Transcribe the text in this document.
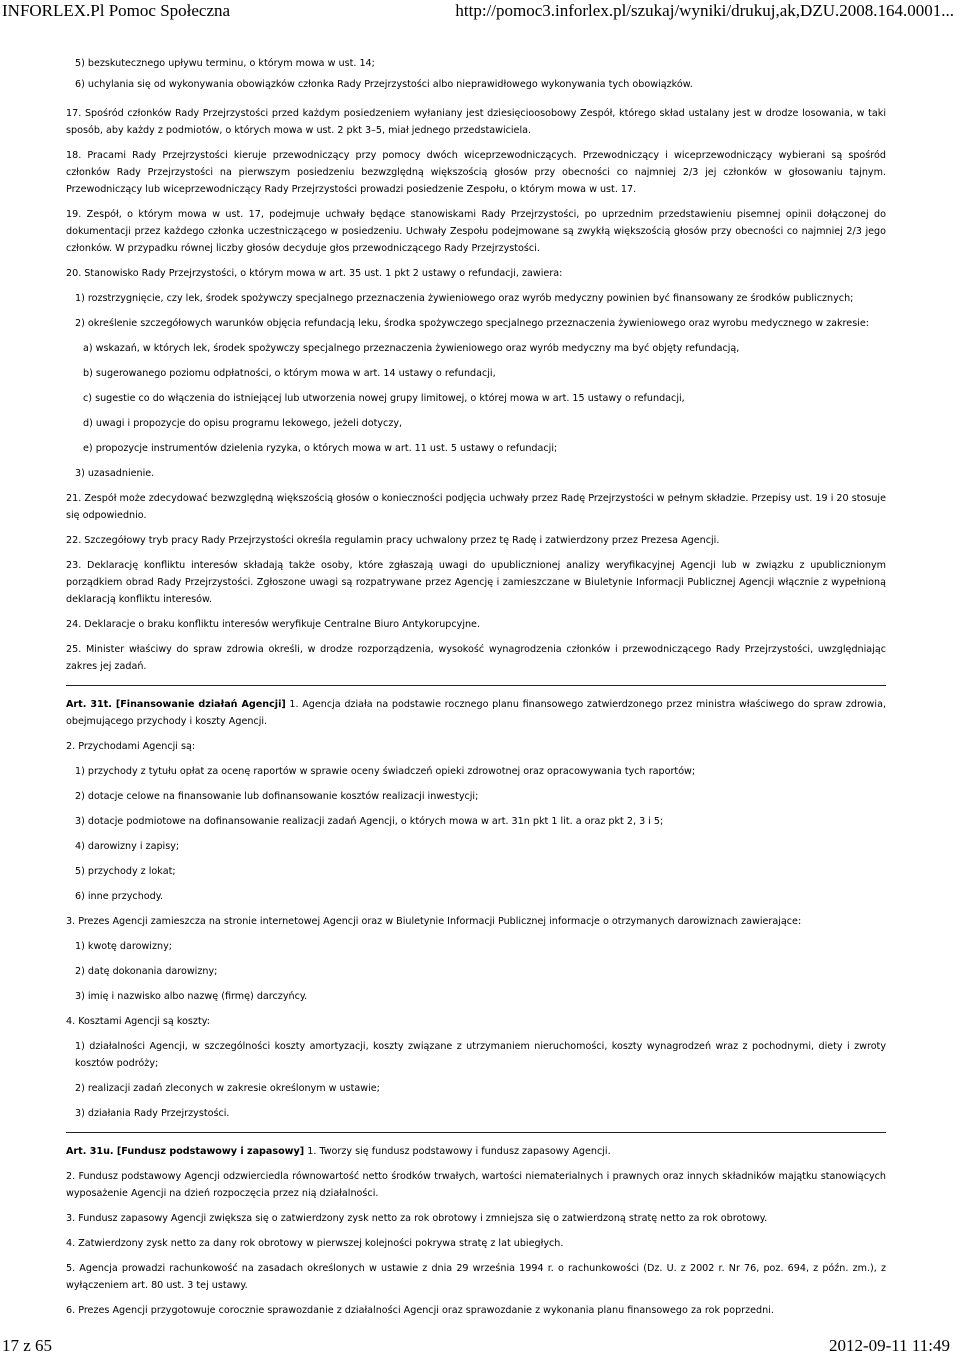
INFORLEX.Pl Pomoc Społeczna	http://pomoc3.inforlex.pl/szukaj/wyniki/drukuj,ak,DZU.2008.164.0001...

5) bezskutecznego upływu terminu, o którym mowa w ust. 14;

6) uchylania się od wykonywania obowiązków członka Rady Przejrzystości albo nieprawidłowego wykonywania tych obowiązków.

17. Spośród członków Rady Przejrzystości przed każdym posiedzeniem wyłaniany jest dziesięcioosobowy Zespół, którego skład ustalany jest w drodze losowania, w taki sposób, aby każdy z podmiotów, o których mowa w ust. 2 pkt 3–5, miał jednego przedstawiciela.

18. Pracami Rady Przejrzystości kieruje przewodniczący przy pomocy dwóch wiceprzewodniczących. Przewodniczący i wiceprzewodniczący wybierani są spośród członków Rady Przejrzystości na pierwszym posiedzeniu bezwzględną większością głosów przy obecności co najmniej 2/3 jej członków w głosowaniu tajnym. Przewodniczący lub wiceprzewodniczący Rady Przejrzystości prowadzi posiedzenie Zespołu, o którym mowa w ust. 17.

19. Zespół, o którym mowa w ust. 17, podejmuje uchwały będące stanowiskami Rady Przejrzystości, po uprzednim przedstawieniu pisemnej opinii dołączonej do dokumentacji przez każdego członka uczestniczącego w posiedzeniu. Uchwały Zespołu podejmowane są zwykłą większością głosów przy obecności co najmniej 2/3 jego członków. W przypadku równej liczby głosów decyduje głos przewodniczącego Rady Przejrzystości.

20. Stanowisko Rady Przejrzystości, o którym mowa w art. 35 ust. 1 pkt 2 ustawy o refundacji, zawiera:

1) rozstrzygnięcie, czy lek, środek spożywczy specjalnego przeznaczenia żywieniowego oraz wyrób medyczny powinien być finansowany ze środków publicznych;

2) określenie szczegółowych warunków objęcia refundacją leku, środka spożywczego specjalnego przeznaczenia żywieniowego oraz wyrobu medycznego w zakresie:

a) wskazań, w których lek, środek spożywczy specjalnego przeznaczenia żywieniowego oraz wyrób medyczny ma być objęty refundacją,

b) sugerowanego poziomu odpłatności, o którym mowa w art. 14 ustawy o refundacji,

c) sugestie co do włączenia do istniejącej lub utworzenia nowej grupy limitowej, o której mowa w art. 15 ustawy o refundacji,

d) uwagi i propozycje do opisu programu lekowego, jeżeli dotyczy,

e) propozycje instrumentów dzielenia ryzyka, o których mowa w art. 11 ust. 5 ustawy o refundacji;

3) uzasadnienie.

21. Zespół może zdecydować bezwzględną większością głosów o konieczności podjęcia uchwały przez Radę Przejrzystości w pełnym składzie. Przepisy ust. 19 i 20 stosuje się odpowiednio.

22. Szczegółowy tryb pracy Rady Przejrzystości określa regulamin pracy uchwalony przez tę Radę i zatwierdzony przez Prezesa Agencji.

23. Deklarację konfliktu interesów składają także osoby, które zgłaszają uwagi do upublicznionej analizy weryfikacyjnej Agencji lub w związku z upublicznionym porządkiem obrad Rady Przejrzystości. Zgłoszone uwagi są rozpatrywane przez Agencję i zamieszczane w Biuletynie Informacji Publicznej Agencji włącznie z wypełnioną deklaracją konfliktu interesów.

24. Deklaracje o braku konfliktu interesów weryfikuje Centralne Biuro Antykorupcyjne.

25. Minister właściwy do spraw zdrowia określi, w drodze rozporządzenia, wysokość wynagrodzenia członków i przewodniczącego Rady Przejrzystości, uwzględniając zakres jej zadań.

Art. 31t. [Finansowanie działań Agencji] 1. Agencja działa na podstawie rocznego planu finansowego zatwierdzonego przez ministra właściwego do spraw zdrowia, obejmującego przychody i koszty Agencji.

2. Przychodami Agencji są:

1) przychody z tytułu opłat za ocenę raportów w sprawie oceny świadczeń opieki zdrowotnej oraz opracowywania tych raportów;

2) dotacje celowe na finansowanie lub dofinansowanie kosztów realizacji inwestycji;

3) dotacje podmiotowe na dofinansowanie realizacji zadań Agencji, o których mowa w art. 31n pkt 1 lit. a oraz pkt 2, 3 i 5;

4) darowizny i zapisy;

5) przychody z lokat;

6) inne przychody.

3. Prezes Agencji zamieszcza na stronie internetowej Agencji oraz w Biuletynie Informacji Publicznej informacje o otrzymanych darowiznach zawierające:

1) kwotę darowizny;

2) datę dokonania darowizny;

3) imię i nazwisko albo nazwę (firmę) darczyńcy.

4. Kosztami Agencji są koszty:

1) działalności Agencji, w szczególności koszty amortyzacji, koszty związane z utrzymaniem nieruchomości, koszty wynagrodzeń wraz z pochodnymi, diety i zwroty kosztów podróży;

2) realizacji zadań zleconych w zakresie określonym w ustawie;

3) działania Rady Przejrzystości.

Art. 31u. [Fundusz podstawowy i zapasowy] 1. Tworzy się fundusz podstawowy i fundusz zapasowy Agencji.

2. Fundusz podstawowy Agencji odzwierciedla równowartość netto środków trwałych, wartości niematerialnych i prawnych oraz innych składników majątku stanowiących wyposażenie Agencji na dzień rozpoczęcia przez nią działalności.

3. Fundusz zapasowy Agencji zwiększa się o zatwierdzony zysk netto za rok obrotowy i zmniejsza się o zatwierdzoną stratę netto za rok obrotowy.

4. Zatwierdzony zysk netto za dany rok obrotowy w pierwszej kolejności pokrywa stratę z lat ubiegłych.

5. Agencja prowadzi rachunkowość na zasadach określonych w ustawie z dnia 29 września 1994 r. o rachunkowości (Dz. U. z 2002 r. Nr 76, poz. 694, z późn. zm.), z wyłączeniem art. 80 ust. 3 tej ustawy.

6. Prezes Agencji przygotowuje corocznie sprawozdanie z działalności Agencji oraz sprawozdanie z wykonania planu finansowego za rok poprzedni.

17 z 65	2012-09-11 11:49
